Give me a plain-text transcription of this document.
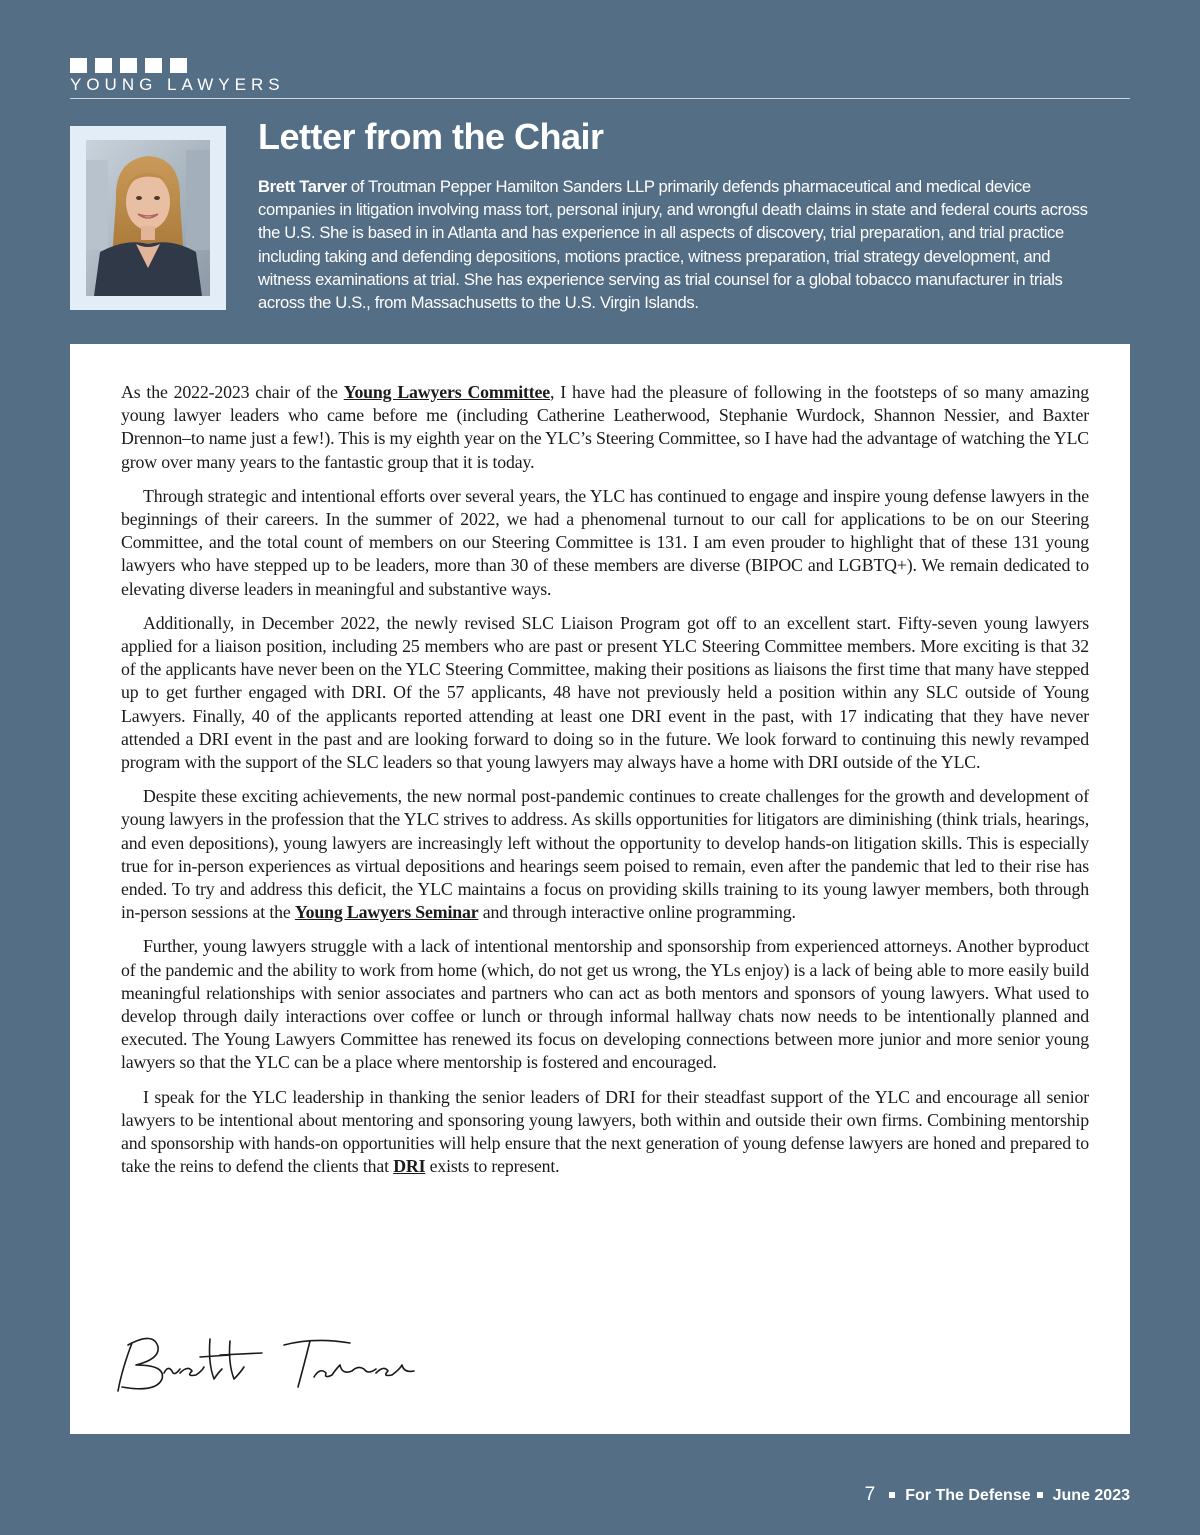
YOUNG LAWYERS
Letter from the Chair

Brett Tarver of Troutman Pepper Hamilton Sanders LLP primarily defends pharmaceutical and medical device companies in litigation involving mass tort, personal injury, and wrongful death claims in state and federal courts across the U.S. She is based in in Atlanta and has experience in all aspects of discovery, trial preparation, and trial practice including taking and defending depositions, motions practice, witness preparation, trial strategy development, and witness examinations at trial. She has experience serving as trial counsel for a global tobacco manufacturer in trials across the U.S., from Massachusetts to the U.S. Virgin Islands.

As the 2022-2023 chair of the Young Lawyers Committee, I have had the pleasure of following in the footsteps of so many amazing young lawyer leaders who came before me (including Catherine Leatherwood, Stephanie Wurdock, Shannon Nessier, and Baxter Drennon–to name just a few!). This is my eighth year on the YLC’s Steering Committee, so I have had the advantage of watching the YLC grow over many years to the fantastic group that it is today.

Through strategic and intentional efforts over several years, the YLC has continued to engage and inspire young defense lawyers in the beginnings of their careers. In the summer of 2022, we had a phenomenal turnout to our call for applications to be on our Steering Committee, and the total count of members on our Steering Committee is 131. I am even prouder to highlight that of these 131 young lawyers who have stepped up to be leaders, more than 30 of these members are diverse (BIPOC and LGBTQ+). We remain dedicated to elevating diverse leaders in meaningful and substantive ways.

Additionally, in December 2022, the newly revised SLC Liaison Program got off to an excellent start. Fifty-seven young lawyers applied for a liaison position, including 25 members who are past or present YLC Steering Committee members. More exciting is that 32 of the applicants have never been on the YLC Steering Committee, making their positions as liaisons the first time that many have stepped up to get further engaged with DRI. Of the 57 applicants, 48 have not previously held a position within any SLC outside of Young Lawyers. Finally, 40 of the applicants reported attending at least one DRI event in the past, with 17 indicating that they have never attended a DRI event in the past and are looking forward to doing so in the future. We look forward to continuing this newly revamped program with the support of the SLC leaders so that young lawyers may always have a home with DRI outside of the YLC.

Despite these exciting achievements, the new normal post-pandemic continues to create challenges for the growth and development of young lawyers in the profession that the YLC strives to address. As skills opportunities for litigators are diminishing (think trials, hearings, and even depositions), young lawyers are increasingly left without the opportunity to develop hands-on litigation skills. This is especially true for in-person experiences as virtual depositions and hearings seem poised to remain, even after the pandemic that led to their rise has ended. To try and address this deficit, the YLC maintains a focus on providing skills training to its young lawyer members, both through in-person sessions at the Young Lawyers Seminar and through interactive online programming.

Further, young lawyers struggle with a lack of intentional mentorship and sponsorship from experienced attorneys. Another byproduct of the pandemic and the ability to work from home (which, do not get us wrong, the YLs enjoy) is a lack of being able to more easily build meaningful relationships with senior associates and partners who can act as both mentors and sponsors of young lawyers. What used to develop through daily interactions over coffee or lunch or through informal hallway chats now needs to be intentionally planned and executed. The Young Lawyers Committee has renewed its focus on developing connections between more junior and more senior young lawyers so that the YLC can be a place where mentorship is fostered and encouraged.

I speak for the YLC leadership in thanking the senior leaders of DRI for their steadfast support of the YLC and encourage all senior lawyers to be intentional about mentoring and sponsoring young lawyers, both within and outside their own firms. Combining mentorship and sponsorship with hands-on opportunities will help ensure that the next generation of young defense lawyers are honed and prepared to take the reins to defend the clients that DRI exists to represent.

7 For The Defense June 2023
